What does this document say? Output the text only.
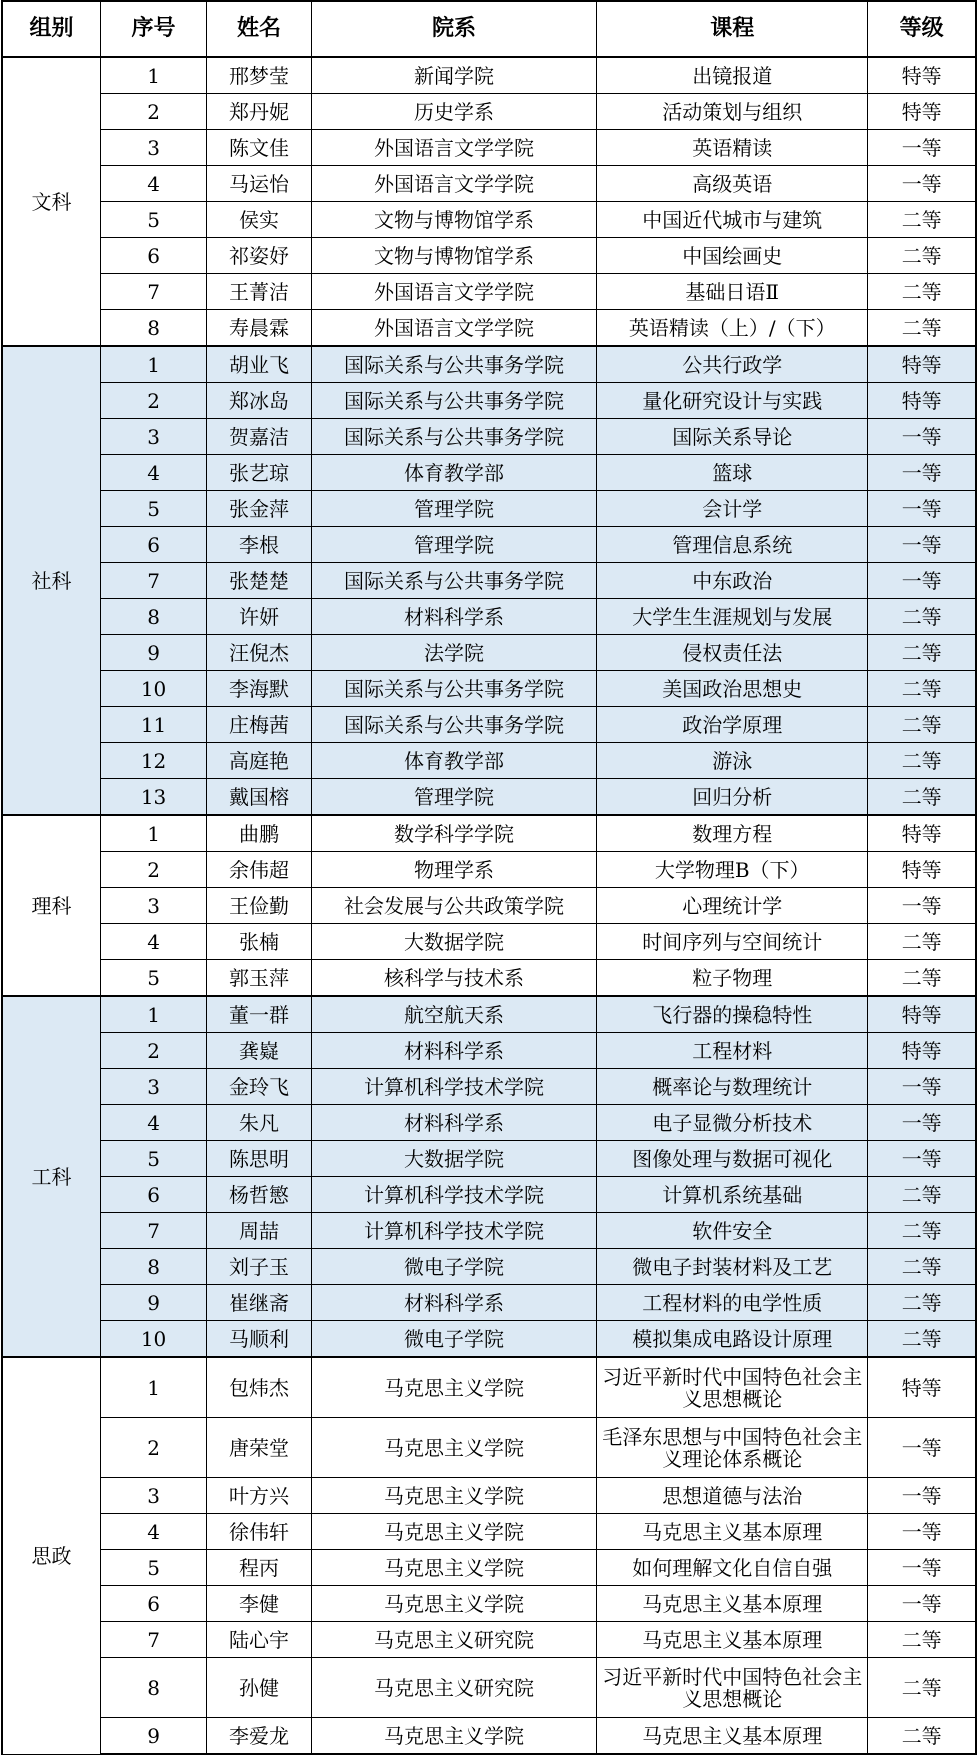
组别	序号	姓名	院系	课程	等级
文科	1	邢梦莹	新闻学院	出镜报道	特等
	2	郑丹妮	历史学系	活动策划与组织	特等
	3	陈文佳	外国语言文学学院	英语精读	一等
	4	马运怡	外国语言文学学院	高级英语	一等
	5	侯实	文物与博物馆学系	中国近代城市与建筑	二等
	6	祁姿妤	文物与博物馆学系	中国绘画史	二等
	7	王菁洁	外国语言文学学院	基础日语Ⅱ	二等
	8	寿晨霖	外国语言文学学院	英语精读（上）/（下）	二等
社科	1	胡业飞	国际关系与公共事务学院	公共行政学	特等
	2	郑冰岛	国际关系与公共事务学院	量化研究设计与实践	特等
	3	贺嘉洁	国际关系与公共事务学院	国际关系导论	一等
	4	张艺琼	体育教学部	篮球	一等
	5	张金萍	管理学院	会计学	一等
	6	李根	管理学院	管理信息系统	一等
	7	张楚楚	国际关系与公共事务学院	中东政治	一等
	8	许妍	材料科学系	大学生生涯规划与发展	二等
	9	汪倪杰	法学院	侵权责任法	二等
	10	李海默	国际关系与公共事务学院	美国政治思想史	二等
	11	庄梅茜	国际关系与公共事务学院	政治学原理	二等
	12	高庭艳	体育教学部	游泳	二等
	13	戴国榕	管理学院	回归分析	二等
理科	1	曲鹏	数学科学学院	数理方程	特等
	2	余伟超	物理学系	大学物理B（下）	特等
	3	王俭勤	社会发展与公共政策学院	心理统计学	一等
	4	张楠	大数据学院	时间序列与空间统计	二等
	5	郭玉萍	核科学与技术系	粒子物理	二等
工科	1	董一群	航空航天系	飞行器的操稳特性	特等
	2	龚嶷	材料科学系	工程材料	特等
	3	金玲飞	计算机科学技术学院	概率论与数理统计	一等
	4	朱凡	材料科学系	电子显微分析技术	一等
	5	陈思明	大数据学院	图像处理与数据可视化	一等
	6	杨哲慜	计算机科学技术学院	计算机系统基础	二等
	7	周喆	计算机科学技术学院	软件安全	二等
	8	刘子玉	微电子学院	微电子封装材料及工艺	二等
	9	崔继斋	材料科学系	工程材料的电学性质	二等
	10	马顺利	微电子学院	模拟集成电路设计原理	二等
思政	1	包炜杰	马克思主义学院	习近平新时代中国特色社会主义思想概论	特等
	2	唐荣堂	马克思主义学院	毛泽东思想与中国特色社会主义理论体系概论	一等
	3	叶方兴	马克思主义学院	思想道德与法治	一等
	4	徐伟轩	马克思主义学院	马克思主义基本原理	一等
	5	程丙	马克思主义学院	如何理解文化自信自强	一等
	6	李健	马克思主义学院	马克思主义基本原理	一等
	7	陆心宇	马克思主义研究院	马克思主义基本原理	二等
	8	孙健	马克思主义研究院	习近平新时代中国特色社会主义思想概论	二等
	9	李爱龙	马克思主义学院	马克思主义基本原理	二等
